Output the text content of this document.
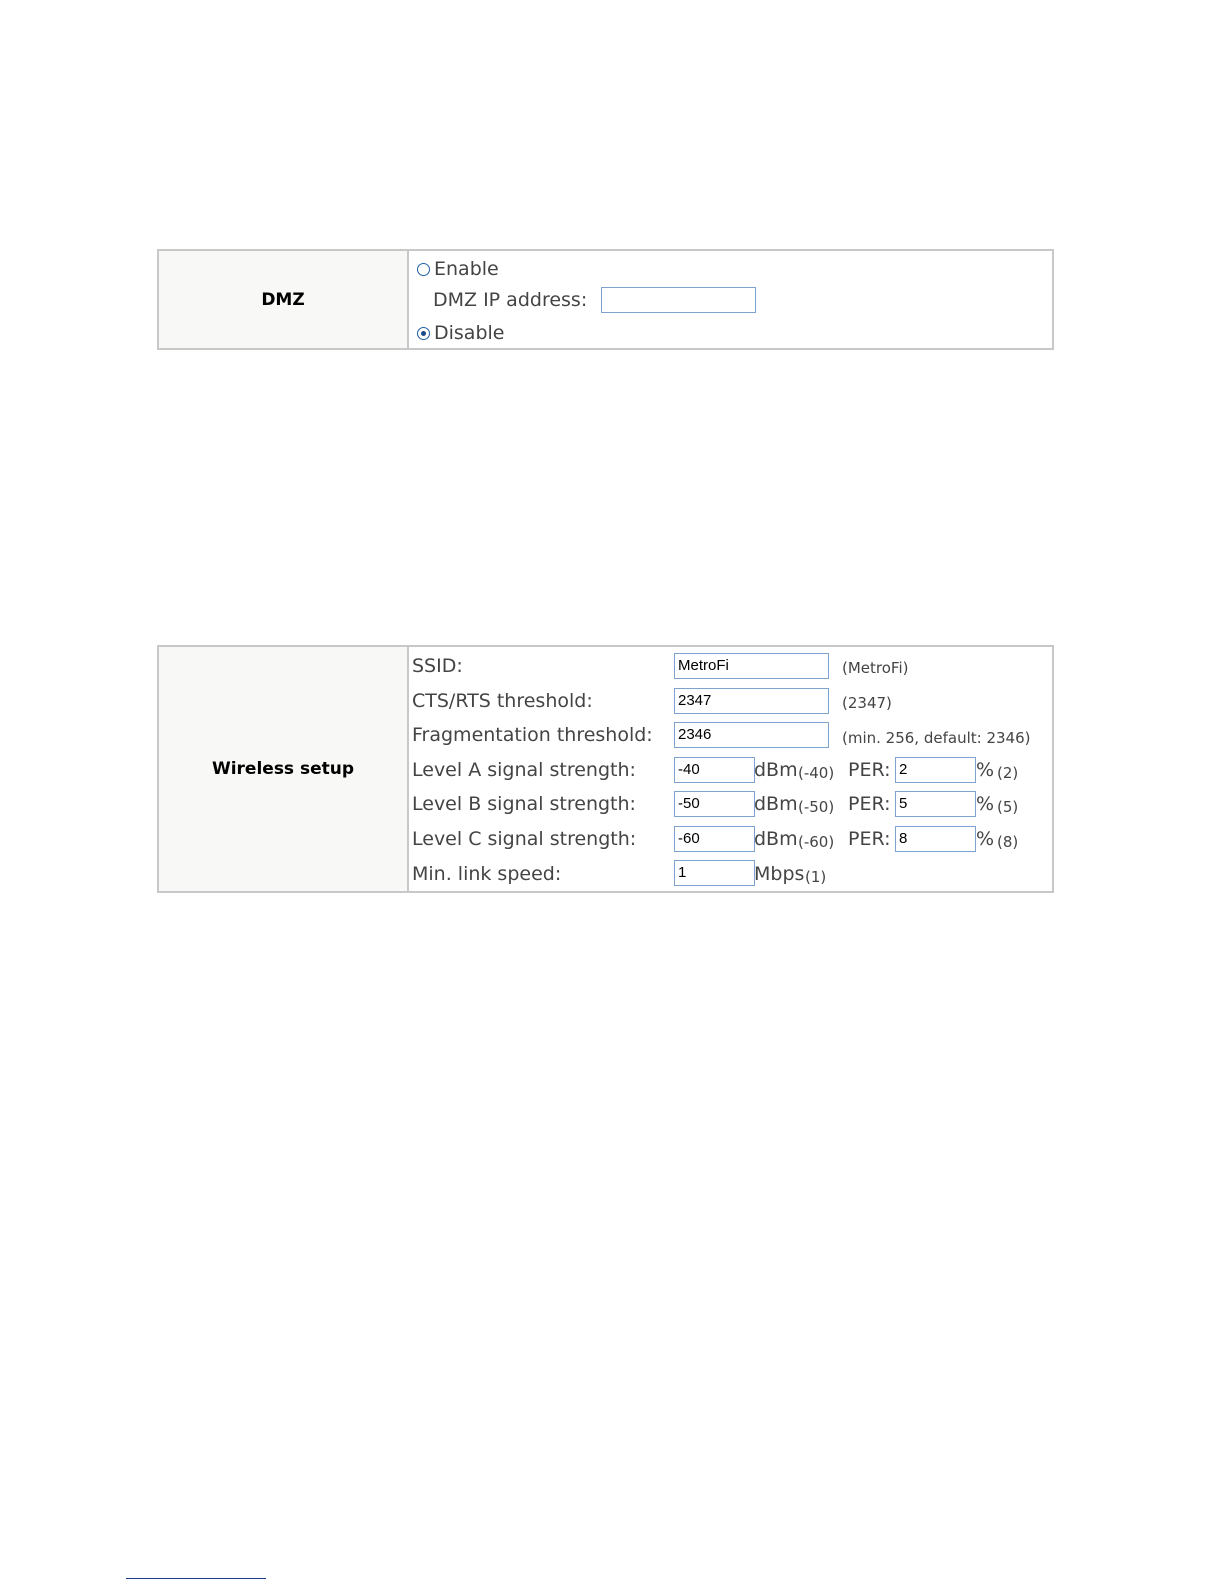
DMZ
Enable
DMZ IP address:
Disable
Wireless setup
SSID:	MetroFi	(MetroFi)
CTS/RTS threshold:	2347	(2347)
Fragmentation threshold: 2346	(min. 256, default: 2346)
Level A signal strength:	-40	dBm (-40) PER: 2	% (2)
Level B signal strength:	-50	dBm (-50) PER: 5	% (5)
Level C signal strength:	-60	dBm (-60) PER: 8	% (8)
Min. link speed:	1	Mbps (1)
